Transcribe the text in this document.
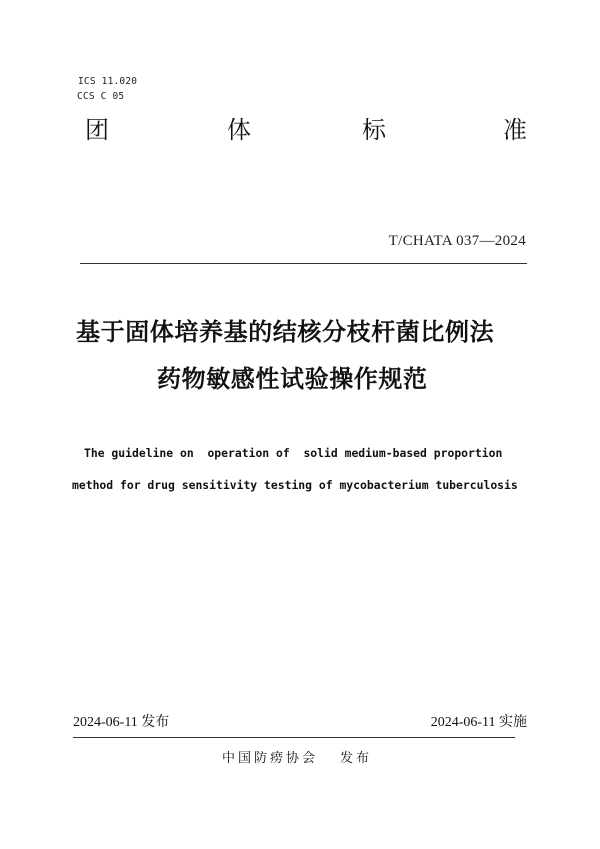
ICS 11.020
CCS C 05
团	体	标	准
T/CHATA 037—2024
基于固体培养基的结核分枝杆菌比例法
药物敏感性试验操作规范
The guideline on  operation of  solid medium-based proportion
method for drug sensitivity testing of mycobacterium tuberculosis
2024-06-11 发布	2024-06-11 实施
中国防痨协会 发布
